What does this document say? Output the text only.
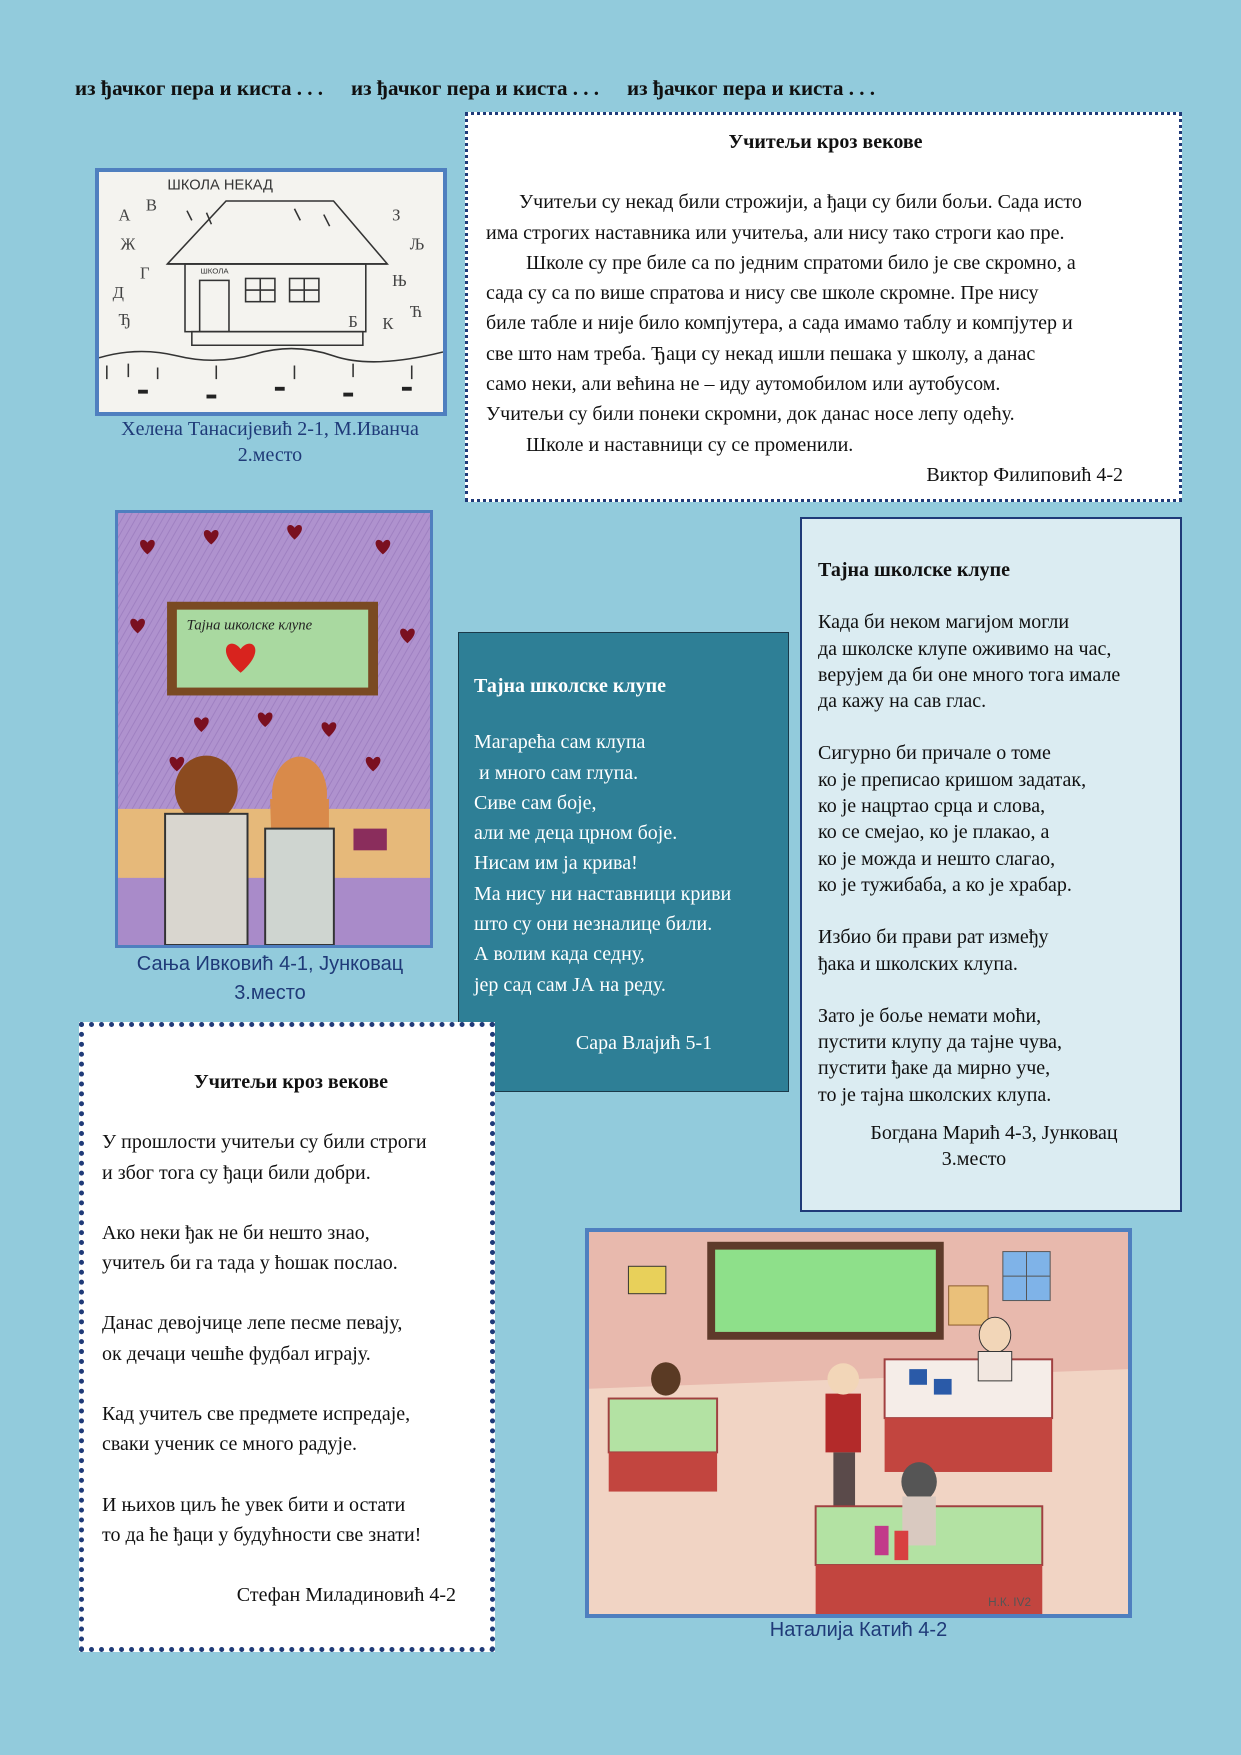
из ђачког пера и киста . . . из ђачког пера и киста . . . из ђачког пера и киста . . .
ШКОЛА НЕКАД
ШКОЛА
А
В
Ж
Г
Д
Ђ
З
Љ
Њ
Ћ
К
Б
Хелена Танасијевић 2-1, М.Иванча
2.место

Учитељи кроз векове

Учитељи су некад били строжији, а ђаци су били бољи. Сада исто

има строгих наставника или учитеља, али нису тако строги као пре.

Школе су пре биле са по једним спратоми било је све скромно, а

сада су са по више спратова и нису све школе скромне. Пре нису

биле табле и није било компјутера, а сада имамо таблу и компјутер и

све што нам треба. Ђаци су некад ишли пешака у школу, а данас

само неки, али већина не – иду аутомобилом или аутобусом.

Учитељи су били понеки скромни, док данас носе лепу одећу.

Школе и наставници су се променили.

Виктор Филиповић 4-2

Тајна школске клупе
Сања Ивковић 4-1, Јунковац
3.место

Тајна школске клупе

Магарећа сам клупа

и много сам глупа.

Сиве сам боје,

али ме деца црном боје.

Нисам им ја крива!

Ма нису ни наставници криви

што су они незналице били.

А волим када седну,

јер сад сам ЈА на реду.

Сара Влајић 5-1

Тајна школске клупе

Када би неком магијом могли

да школске клупе оживимо на час,

верујем да би оне много тога имале

да кажу на сав глас.

Сигурно би причале о томе

ко је преписао кришом задатак,

ко је нацртао срца и слова,

ко се смејао, ко је плакао, а

ко је можда и нешто слагао,

ко је тужибаба, а ко је храбар.

Избио би прави рат између

ђака и школских клупа.

Зато је боље немати моћи,

пустити клупу да тајне чува,

пустити ђаке да мирно уче,

то је тајна школских клупа.

Богдана Марић 4-3, Јунковац
3.место

Учитељи кроз векове

У прошлости учитељи су били строги

и због тога су ђаци били добри.

Ако неки ђак не би нешто знао,

учитељ би га тада у ћошак послао.

Данас девојчице лепе песме певају,

ок дечаци чешће фудбал играју.

Кад учитељ све предмете испредаје,

сваки ученик се много радује.

И њихов циљ ће увек бити и остати

то да ће ђаци у будућности све знати!

Стефан Миладиновић 4-2	Н.К. IV2
Наталија Катић 4-2
